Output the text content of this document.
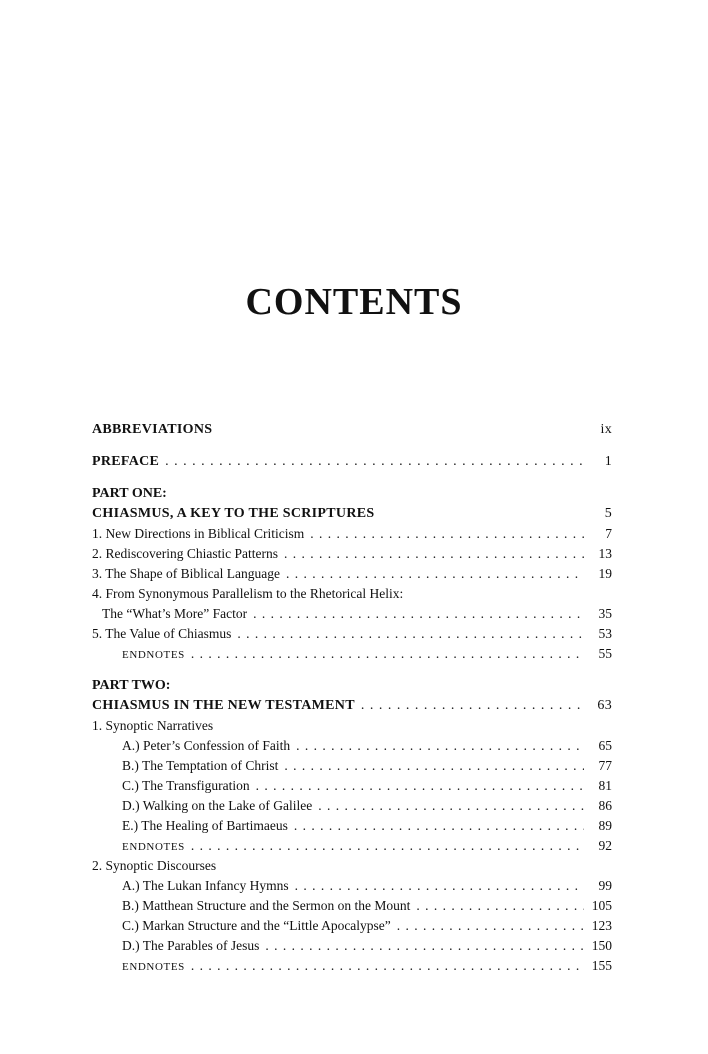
CONTENTS
ABBREVIATIONS	ix
PREFACE . . .	1
PART ONE:
CHIASMUS, A KEY TO THE SCRIPTURES	5
1. New Directions in Biblical Criticism . . .	7
2. Rediscovering Chiastic Patterns . . .	13
3. The Shape of Biblical Language . . .	19
4. From Synonymous Parallelism to the Rhetorical Helix:
The “What’s More” Factor . . .	35
5. The Value of Chiasmus . . .	53
ENDNOTES . . .	55
PART TWO:
CHIASMUS IN THE NEW TESTAMENT . . .	63
1. Synoptic Narratives
A.) Peter’s Confession of Faith . . .	65
B.) The Temptation of Christ . . .	77
C.) The Transfiguration . . .	81
D.) Walking on the Lake of Galilee . . .	86
E.) The Healing of Bartimaeus . . .	89
ENDNOTES . . .	92
2. Synoptic Discourses
A.) The Lukan Infancy Hymns . . .	99
B.) Matthean Structure and the Sermon on the Mount . . .	105
C.) Markan Structure and the “Little Apocalypse” . . .	123
D.) The Parables of Jesus . . .	150
ENDNOTES . . .	155
